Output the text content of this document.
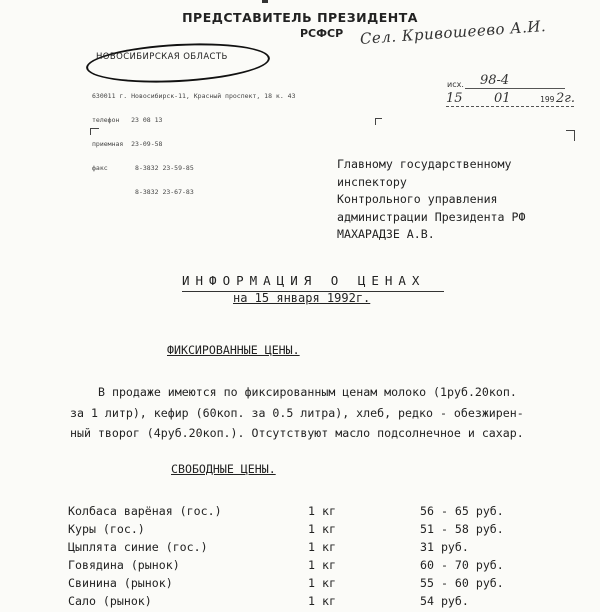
ПРЕДСТАВИТЕЛЬ ПРЕЗИДЕНТА
РСФСР Сел. Кривошеево А.И.
НОВОСИБИРСКАЯ ОБЛАСТЬ

630011 г. Новосибирск-11, Красный проспект, 18 к. 43

телефон   23 08 13

приемная  23-09-58

факс       8-3832 23-59-85

8-3832 23-67-83

исх. 98-4
15 01	199 2г.
Главному государственному
инспектору
Контрольного управления
администрации Президента РФ
МАХАРАДЗЕ А.В.
ИНФОРМАЦИЯ О ЦЕНАХ
на 15 января 1992г.
ФИКСИРОВАННЫЕ ЦЕНЫ.
В продаже имеются по фиксированным ценам молоко (1руб.20коп.
за 1 литр), кефир (60коп. за 0.5 литра), хлеб, редко - обезжирен-
ный творог (4руб.20коп.). Отсутствуют масло подсолнечное и сахар.
СВОБОДНЫЕ ЦЕНЫ.
Колбаса варёная (гос.)	1 кг	56 - 65 руб.
Куры (гос.)	1 кг	51 - 58 руб.
Цыплята синие (гос.)	1 кг	31 руб.
Говядина (рынок)	1 кг	60 - 70 руб.
Свинина (рынок)	1 кг	55 - 60 руб.
Сало (рынок)	1 кг	54 руб.
